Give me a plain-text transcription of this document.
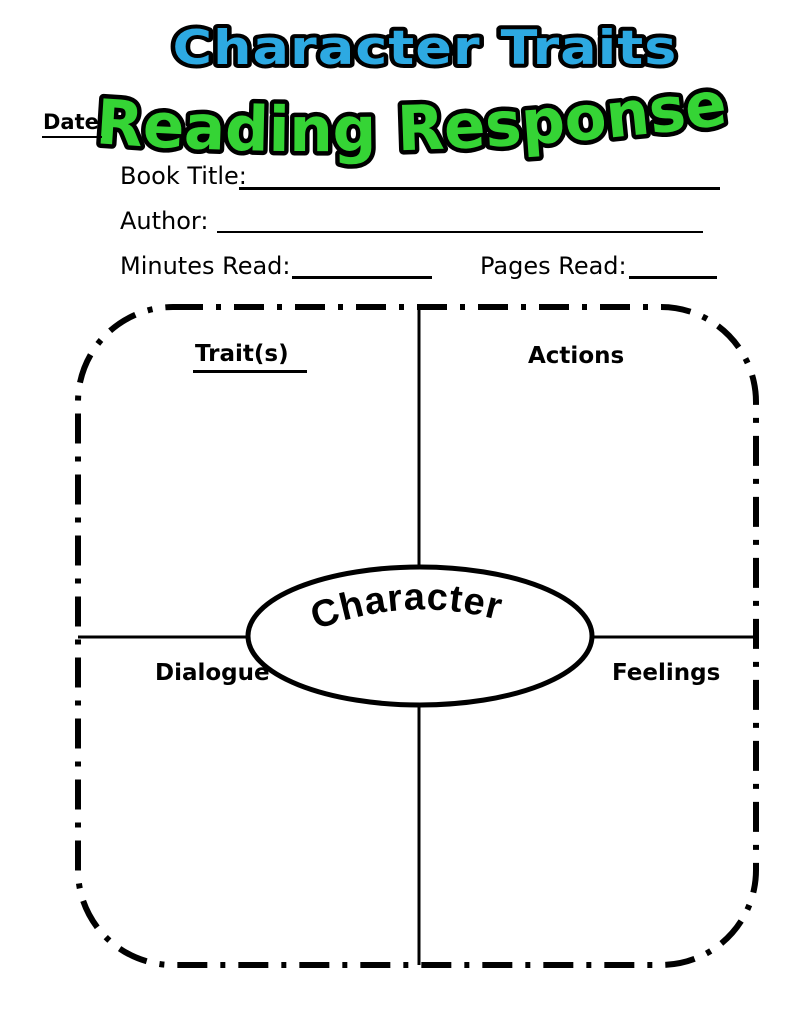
Character Traits
Reading Response
Date
Book Title:
Author:
Minutes Read:	Pages Read:
Character
Trait(s)	Actions
Dialogue	Feelings
